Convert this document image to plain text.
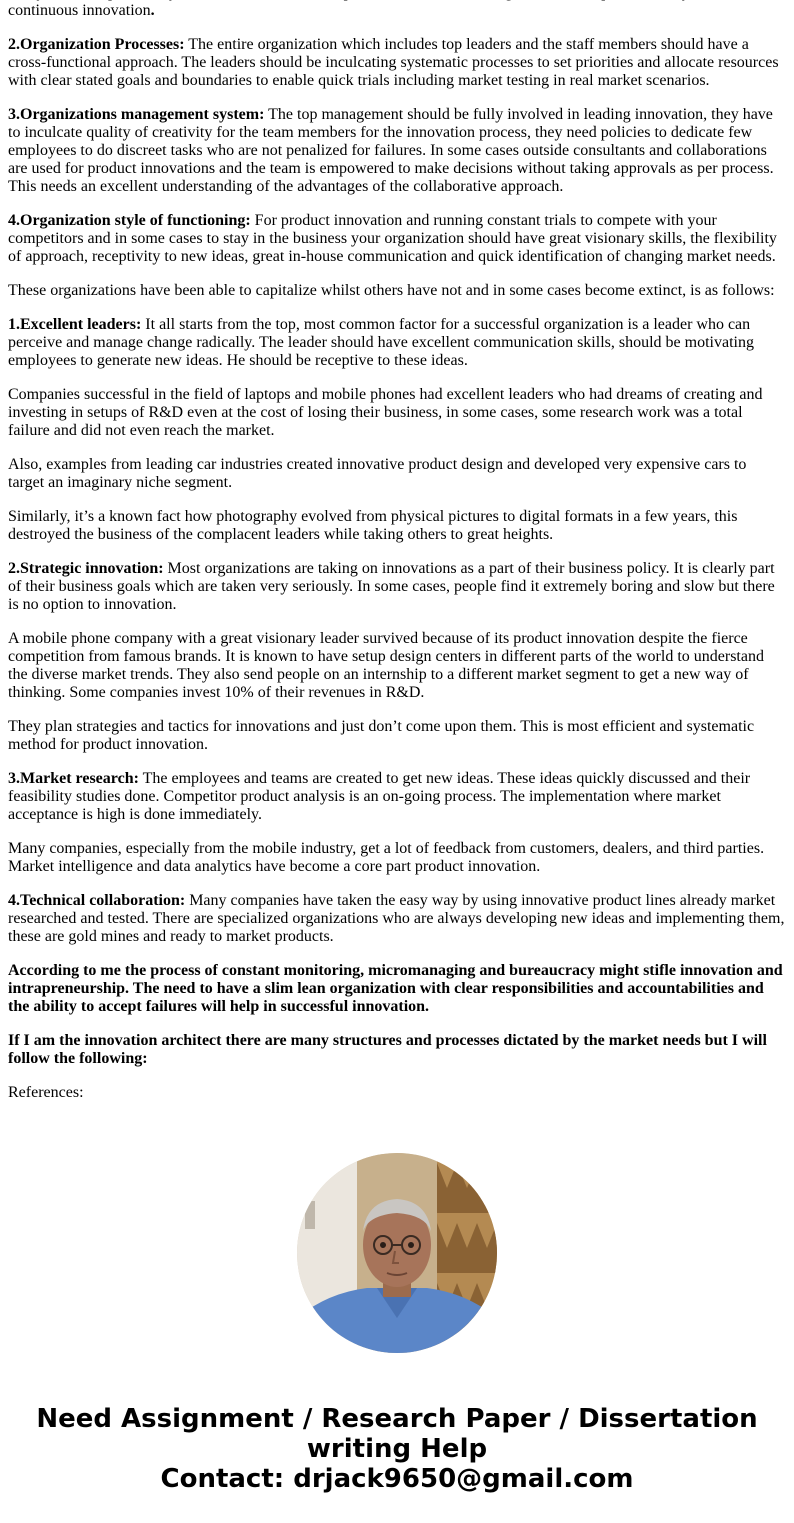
continuous innovation.

2.Organization Processes: The entire organization which includes top leaders and the staff members should have a cross-functional approach. The leaders should be inculcating systematic processes to set priorities and allocate resources with clear stated goals and boundaries to enable quick trials including market testing in real market scenarios.

3.Organizations management system: The top management should be fully involved in leading innovation, they have to inculcate quality of creativity for the team members for the innovation process, they need policies to dedicate few employees to do discreet tasks who are not penalized for failures. In some cases outside consultants and collaborations are used for product innovations and the team is empowered to make decisions without taking approvals as per process. This needs an excellent understanding of the advantages of the collaborative approach.

4.Organization style of functioning: For product innovation and running constant trials to compete with your competitors and in some cases to stay in the business your organization should have great visionary skills, the flexibility of approach, receptivity to new ideas, great in-house communication and quick identification of changing market needs.

These organizations have been able to capitalize whilst others have not and in some cases become extinct, is as follows:

1.Excellent leaders: It all starts from the top, most common factor for a successful organization is a leader who can perceive and manage change radically. The leader should have excellent communication skills, should be motivating employees to generate new ideas. He should be receptive to these ideas.

Companies successful in the field of laptops and mobile phones had excellent leaders who had dreams of creating and investing in setups of R&D even at the cost of losing their business, in some cases, some research work was a total failure and did not even reach the market.

Also, examples from leading car industries created innovative product design and developed very expensive cars to target an imaginary niche segment.

Similarly, it’s a known fact how photography evolved from physical pictures to digital formats in a few years, this destroyed the business of the complacent leaders while taking others to great heights.

2.Strategic innovation: Most organizations are taking on innovations as a part of their business policy. It is clearly part of their business goals which are taken very seriously. In some cases, people find it extremely boring and slow but there is no option to innovation.

A mobile phone company with a great visionary leader survived because of its product innovation despite the fierce competition from famous brands. It is known to have setup design centers in different parts of the world to understand the diverse market trends. They also send people on an internship to a different market segment to get a new way of thinking. Some companies invest 10% of their revenues in R&D.

They plan strategies and tactics for innovations and just don’t come upon them. This is most efficient and systematic method for product innovation.

3.Market research: The employees and teams are created to get new ideas. These ideas quickly discussed and their feasibility studies done. Competitor product analysis is an on-going process. The implementation where market acceptance is high is done immediately.

Many companies, especially from the mobile industry, get a lot of feedback from customers, dealers, and third parties. Market intelligence and data analytics have become a core part product innovation.

4.Technical collaboration: Many companies have taken the easy way by using innovative product lines already market researched and tested. There are specialized organizations who are always developing new ideas and implementing them, these are gold mines and ready to market products.

According to me the process of constant monitoring, micromanaging and bureaucracy might stifle innovation and intrapreneurship. The need to have a slim lean organization with clear responsibilities and accountabilities and the ability to accept failures will help in successful innovation.

If I am the innovation architect there are many structures and processes dictated by the market needs but I will follow the following:

References:

Need Assignment / Research Paper / Dissertation writing Help
Contact: drjack9650@gmail.com
